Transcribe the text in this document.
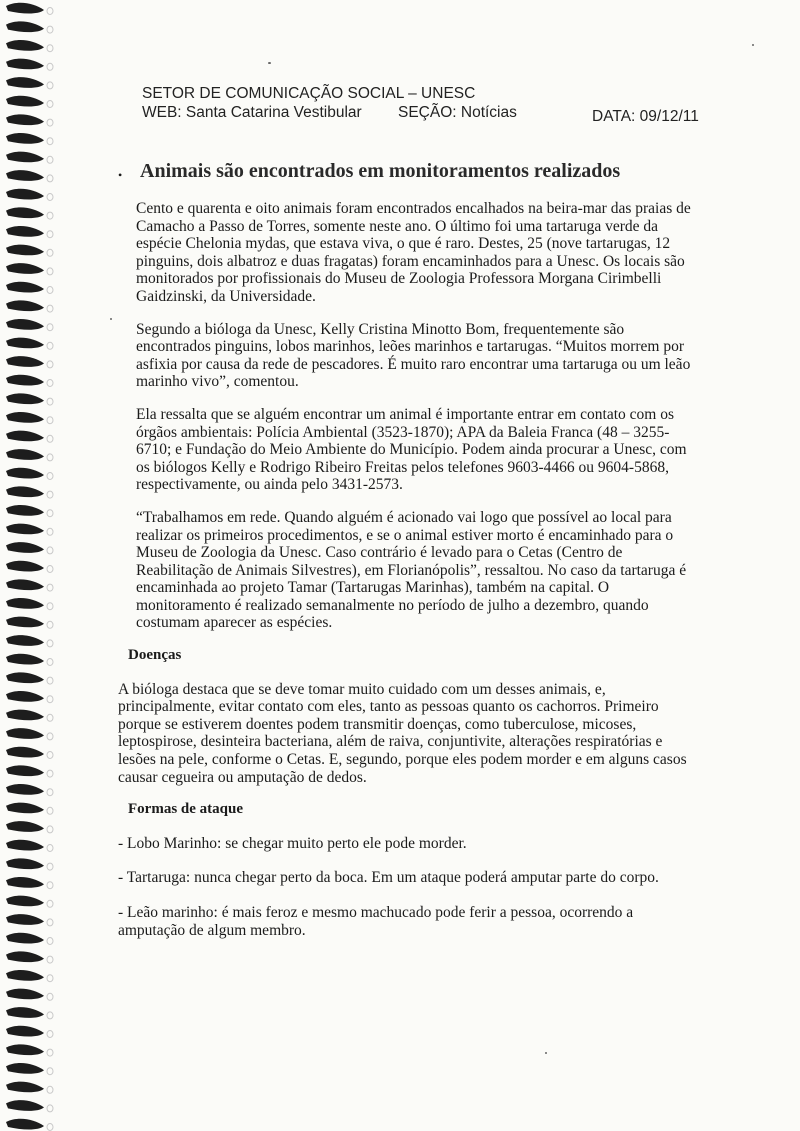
SETOR DE COMUNICAÇÃO SOCIAL – UNESC
WEB: Santa Catarina Vestibular SEÇÃO: Notícias	DATA: 09/12/11
• Animais são encontrados em monitoramentos realizados

Cento e quarenta e oito animais foram encontrados encalhados na beira-mar das praias de Camacho a Passo de Torres, somente neste ano. O último foi uma tartaruga verde da espécie Chelonia mydas, que estava viva, o que é raro. Destes, 25 (nove tartarugas, 12 pinguins, dois albatroz e duas fragatas) foram encaminhados para a Unesc. Os locais são monitorados por profissionais do Museu de Zoologia Professora Morgana Cirimbelli Gaidzinski, da Universidade.

Segundo a bióloga da Unesc, Kelly Cristina Minotto Bom, frequentemente são encontrados pinguins, lobos marinhos, leões marinhos e tartarugas. “Muitos morrem por asfixia por causa da rede de pescadores. É muito raro encontrar uma tartaruga ou um leão marinho vivo”, comentou.

Ela ressalta que se alguém encontrar um animal é importante entrar em contato com os órgãos ambientais: Polícia Ambiental (3523-1870); APA da Baleia Franca (48 – 3255-6710; e Fundação do Meio Ambiente do Município. Podem ainda procurar a Unesc, com os biólogos Kelly e Rodrigo Ribeiro Freitas pelos telefones 9603-4466 ou 9604-5868, respectivamente, ou ainda pelo 3431-2573.

“Trabalhamos em rede. Quando alguém é acionado vai logo que possível ao local para realizar os primeiros procedimentos, e se o animal estiver morto é encaminhado para o Museu de Zoologia da Unesc. Caso contrário é levado para o Cetas (Centro de Reabilitação de Animais Silvestres), em Florianópolis”, ressaltou. No caso da tartaruga é encaminhada ao projeto Tamar (Tartarugas Marinhas), também na capital. O monitoramento é realizado semanalmente no período de julho a dezembro, quando costumam aparecer as espécies.

Doenças

A bióloga destaca que se deve tomar muito cuidado com um desses animais, e, principalmente, evitar contato com eles, tanto as pessoas quanto os cachorros. Primeiro porque se estiverem doentes podem transmitir doenças, como tuberculose, micoses, leptospirose, desinteira bacteriana, além de raiva, conjuntivite, alterações respiratórias e lesões na pele, conforme o Cetas. E, segundo, porque eles podem morder e em alguns casos causar cegueira ou amputação de dedos.

Formas de ataque

- Lobo Marinho: se chegar muito perto ele pode morder.

- Tartaruga: nunca chegar perto da boca. Em um ataque poderá amputar parte do corpo.

- Leão marinho: é mais feroz e mesmo machucado pode ferir a pessoa, ocorrendo a amputação de algum membro.
